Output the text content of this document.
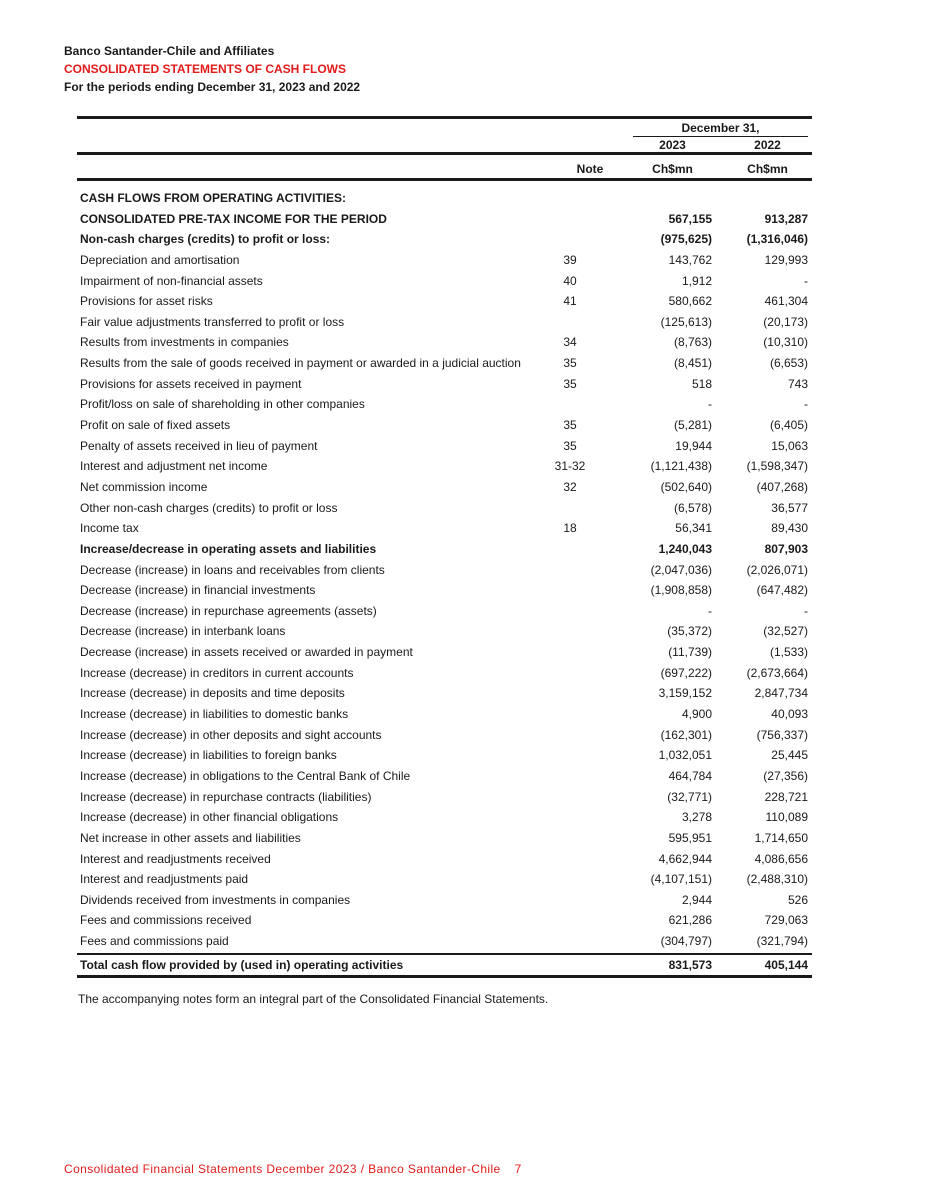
Banco Santander-Chile and Affiliates
CONSOLIDATED STATEMENTS OF CASH FLOWS
For the periods ending December 31, 2023 and 2022
December 31,
2023	2022
Note	Ch$mn	Ch$mn
CASH FLOWS FROM OPERATING ACTIVITIES:
CONSOLIDATED PRE-TAX INCOME FOR THE PERIOD	567,155	913,287
Non-cash charges (credits) to profit or loss:	(975,625)	(1,316,046)
Depreciation and amortisation	39	143,762	129,993
Impairment of non-financial assets	40	1,912	-
Provisions for asset risks	41	580,662	461,304
Fair value adjustments transferred to profit or loss	(125,613)	(20,173)
Results from investments in companies	34	(8,763)	(10,310)
Results from the sale of goods received in payment or awarded in a judicial auction	35	(8,451)	(6,653)
Provisions for assets received in payment	35	518	743
Profit/loss on sale of shareholding in other companies	-	-
Profit on sale of fixed assets	35	(5,281)	(6,405)
Penalty of assets received in lieu of payment	35	19,944	15,063
Interest and adjustment net income	31-32	(1,121,438)	(1,598,347)
Net commission income	32	(502,640)	(407,268)
Other non-cash charges (credits) to profit or loss	(6,578)	36,577
Income tax	18	56,341	89,430
Increase/decrease in operating assets and liabilities	1,240,043	807,903
Decrease (increase) in loans and receivables from clients	(2,047,036)	(2,026,071)
Decrease (increase) in financial investments	(1,908,858)	(647,482)
Decrease (increase) in repurchase agreements (assets)	-	-
Decrease (increase) in interbank loans	(35,372)	(32,527)
Decrease (increase) in assets received or awarded in payment	(11,739)	(1,533)
Increase (decrease) in creditors in current accounts	(697,222)	(2,673,664)
Increase (decrease) in deposits and time deposits	3,159,152	2,847,734
Increase (decrease) in liabilities to domestic banks	4,900	40,093
Increase (decrease) in other deposits and sight accounts	(162,301)	(756,337)
Increase (decrease) in liabilities to foreign banks	1,032,051	25,445
Increase (decrease) in obligations to the Central Bank of Chile	464,784	(27,356)
Increase (decrease) in repurchase contracts (liabilities)	(32,771)	228,721
Increase (decrease) in other financial obligations	3,278	110,089
Net increase in other assets and liabilities	595,951	1,714,650
Interest and readjustments received	4,662,944	4,086,656
Interest and readjustments paid	(4,107,151)	(2,488,310)
Dividends received from investments in companies	2,944	526
Fees and commissions received	621,286	729,063
Fees and commissions paid	(304,797)	(321,794)
Total cash flow provided by (used in) operating activities	831,573	405,144
The accompanying notes form an integral part of the Consolidated Financial Statements.
Consolidated Financial Statements December 2023 / Banco Santander-Chile 7
